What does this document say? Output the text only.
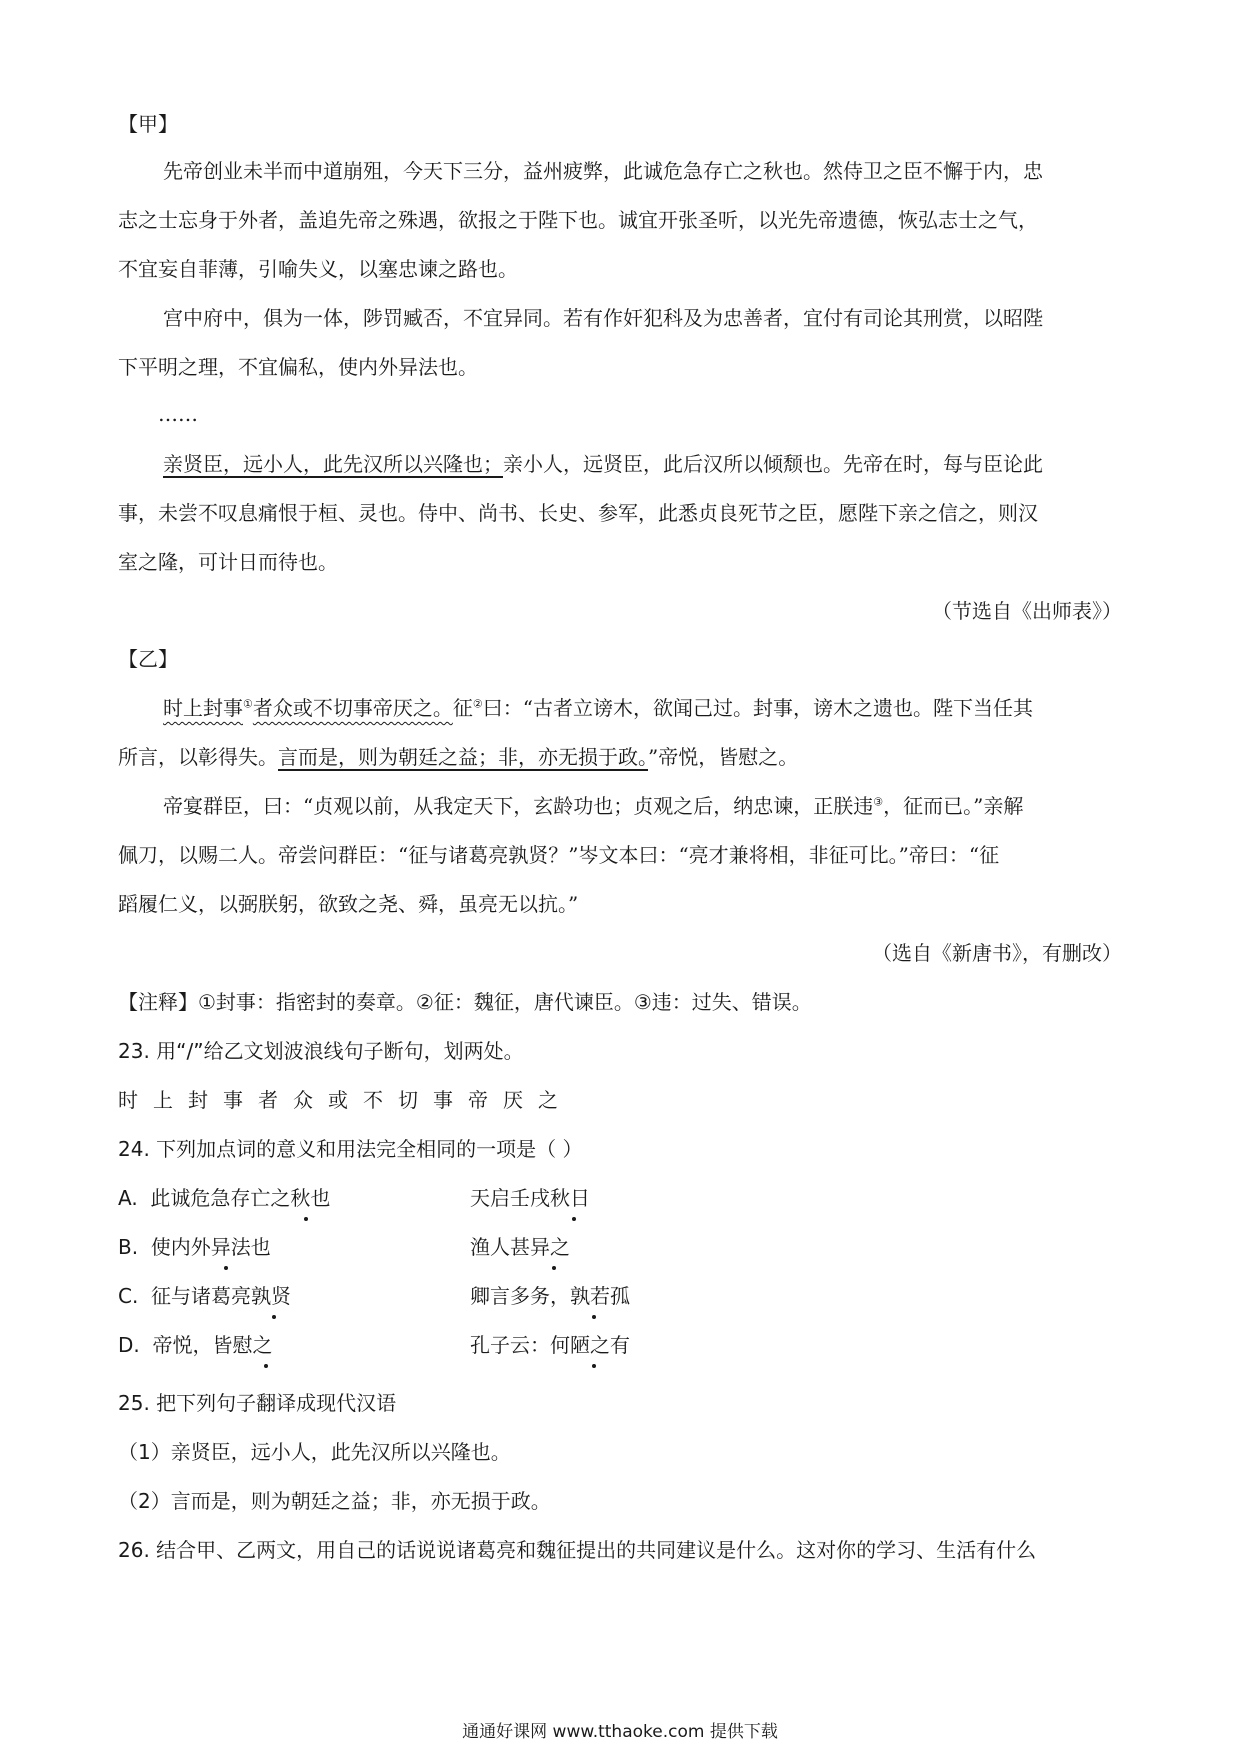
【甲】
先帝创业未半而中道崩殂，今天下三分，益州疲弊，此诚危急存亡之秋也。然侍卫之臣不懈于内，忠
志之士忘身于外者，盖追先帝之殊遇，欲报之于陛下也。诚宜开张圣听，以光先帝遗德，恢弘志士之气，
不宜妄自菲薄，引喻失义，以塞忠谏之路也。
宫中府中，俱为一体，陟罚臧否，不宜异同。若有作奸犯科及为忠善者，宜付有司论其刑赏，以昭陛
下平明之理，不宜偏私，使内外异法也。
……
亲贤臣，远小人，此先汉所以兴隆也；亲小人，远贤臣，此后汉所以倾颓也。先帝在时，每与臣论此
事，未尝不叹息痛恨于桓、灵也。侍中、尚书、长史、参军，此悉贞良死节之臣，愿陛下亲之信之，则汉
室之隆，可计日而待也。
（节选自《出师表》）
【乙】
时上封事①者众或不切事帝厌之。征②曰：“古者立谤木，欲闻己过。封事，谤木之遗也。陛下当任其
所言，以彰得失。言而是，则为朝廷之益；非，亦无损于政。”帝悦，皆慰之。
帝宴群臣，曰：“贞观以前，从我定天下，玄龄功也；贞观之后，纳忠谏，正朕违③，征而已。”亲解
佩刀，以赐二人。帝尝问群臣：“征与诸葛亮孰贤？”岑文本曰：“亮才兼将相，非征可比。”帝曰：“征
蹈履仁义，以弼朕躬，欲致之尧、舜，虽亮无以抗。”
（选自《新唐书》，有删改）
【注释】①封事：指密封的奏章。②征：魏征，唐代谏臣。③违：过失、错误。
23. 用“/”给乙文划波浪线句子断句，划两处。
时上封事者众或不切事帝厌之
24. 下列加点词的意义和用法完全相同的一项是（ ）
A. 此诚危急存亡之秋也	天启壬戌秋日
B. 使内外异法也	渔人甚异之
C. 征与诸葛亮孰贤	卿言多务，孰若孤
D. 帝悦，皆慰之	孔子云：何陋之有
25. 把下列句子翻译成现代汉语
（1）亲贤臣，远小人，此先汉所以兴隆也。
（2）言而是，则为朝廷之益；非，亦无损于政。
26. 结合甲、乙两文，用自己的话说说诸葛亮和魏征提出的共同建议是什么。这对你的学习、生活有什么
通通好课网 www.tthaoke.com 提供下载
